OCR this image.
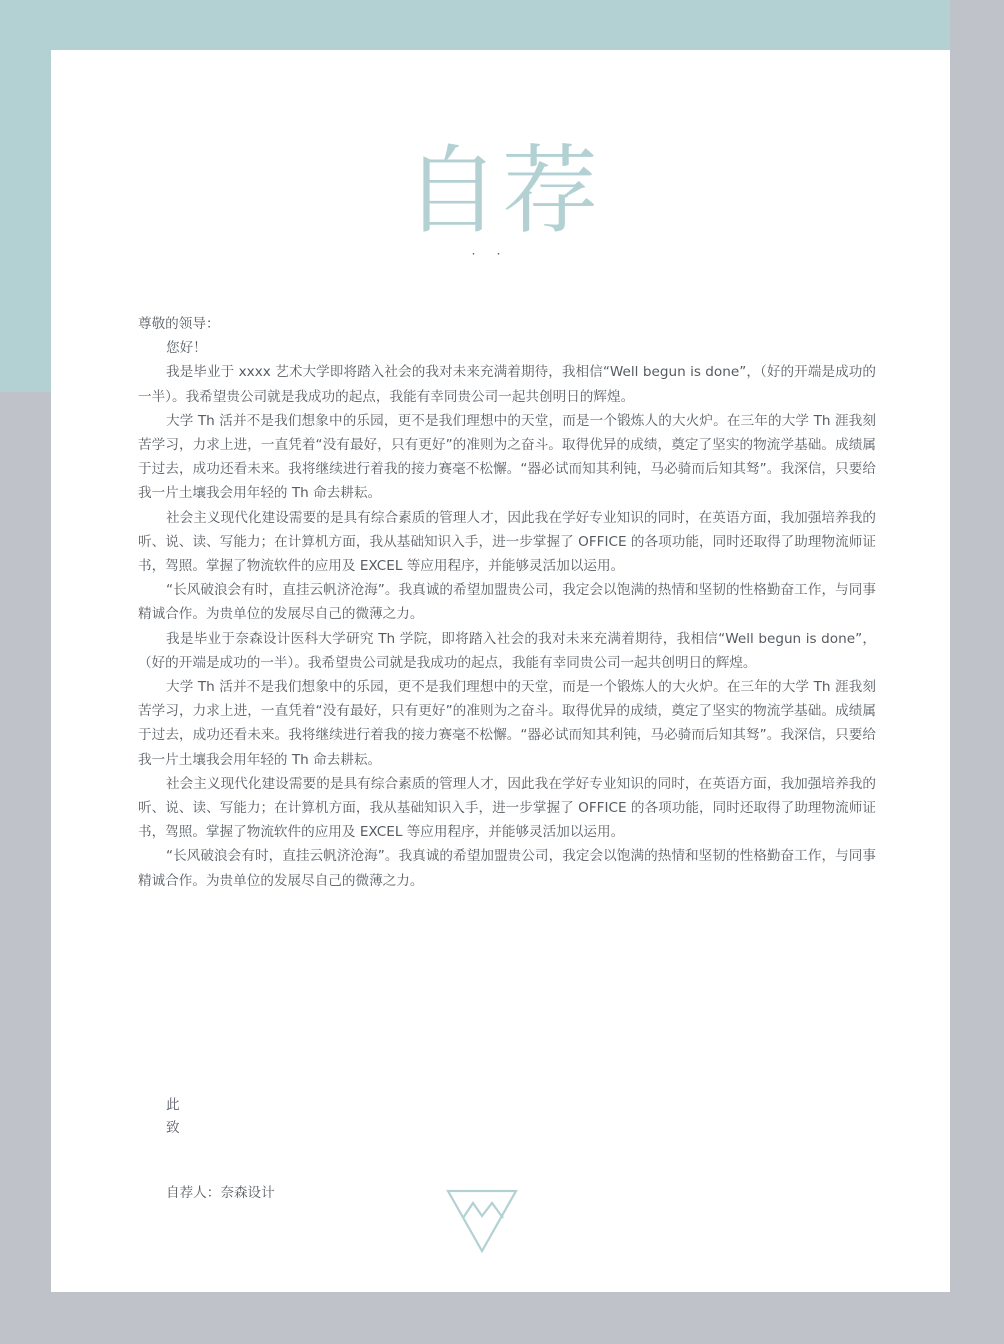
自荐
˙˙

尊敬的领导：

您好！

我是毕业于 xxxx 艺术大学即将踏入社会的我对未来充满着期待，我相信“Well begun is done”，（好的开端是成功的一半）。我希望贵公司就是我成功的起点，我能有幸同贵公司一起共创明日的辉煌。

大学 Th 活并不是我们想象中的乐园，更不是我们理想中的天堂，而是一个锻炼人的大火炉。在三年的大学 Th 涯我刻苦学习，力求上进，一直凭着“没有最好，只有更好”的准则为之奋斗。取得优异的成绩，奠定了坚实的物流学基础。成绩属于过去，成功还看未来。我将继续进行着我的接力赛毫不松懈。“器必试而知其利钝，马必骑而后知其驽”。我深信，只要给我一片土壤我会用年轻的 Th 命去耕耘。

社会主义现代化建设需要的是具有综合素质的管理人才，因此我在学好专业知识的同时，在英语方面，我加强培养我的听、说、读、写能力；在计算机方面，我从基础知识入手，进一步掌握了 OFFICE 的各项功能，同时还取得了助理物流师证书，驾照。掌握了物流软件的应用及 EXCEL 等应用程序，并能够灵活加以运用。

“长风破浪会有时，直挂云帆济沧海”。我真诚的希望加盟贵公司，我定会以饱满的热情和坚韧的性格勤奋工作，与同事精诚合作。为贵单位的发展尽自己的微薄之力。

我是毕业于奈森设计医科大学研究 Th 学院，即将踏入社会的我对未来充满着期待，我相信“Well begun is done”，（好的开端是成功的一半）。我希望贵公司就是我成功的起点，我能有幸同贵公司一起共创明日的辉煌。

大学 Th 活并不是我们想象中的乐园，更不是我们理想中的天堂，而是一个锻炼人的大火炉。在三年的大学 Th 涯我刻苦学习，力求上进，一直凭着“没有最好，只有更好”的准则为之奋斗。取得优异的成绩，奠定了坚实的物流学基础。成绩属于过去，成功还看未来。我将继续进行着我的接力赛毫不松懈。“器必试而知其利钝，马必骑而后知其驽”。我深信，只要给我一片土壤我会用年轻的 Th 命去耕耘。

社会主义现代化建设需要的是具有综合素质的管理人才，因此我在学好专业知识的同时，在英语方面，我加强培养我的听、说、读、写能力；在计算机方面，我从基础知识入手，进一步掌握了 OFFICE 的各项功能，同时还取得了助理物流师证书，驾照。掌握了物流软件的应用及 EXCEL 等应用程序，并能够灵活加以运用。

“长风破浪会有时，直挂云帆济沧海”。我真诚的希望加盟贵公司，我定会以饱满的热情和坚韧的性格勤奋工作，与同事精诚合作。为贵单位的发展尽自己的微薄之力。

此
致
